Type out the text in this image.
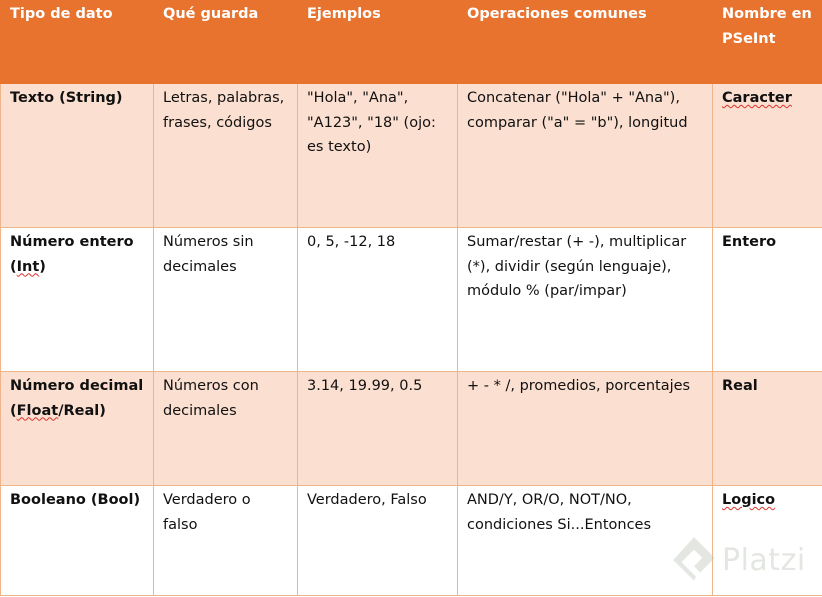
Tipo de dato	Qué guarda	Ejemplos	Operaciones comunes	Nombre en PSeInt
Texto (String)	Letras, palabras, frases, códigos	"Hola", "Ana", "A123", "18" (ojo: es texto)	Concatenar ("Hola" + "Ana"), comparar ("a" = "b"), longitud	Caracter
Número entero (Int)	Números sin decimales	0, 5, -12, 18	Sumar/restar (+ -), multiplicar (*), dividir (según lenguaje), módulo % (par/impar)	Entero
Número decimal (Float/Real)	Números con decimales	3.14, 19.99, 0.5	+ - * /, promedios, porcentajes	Real
Booleano (Bool)	Verdadero o falso	Verdadero, Falso	AND/Y, OR/O, NOT/NO, condiciones Si...Entonces	Logico
Platzi
